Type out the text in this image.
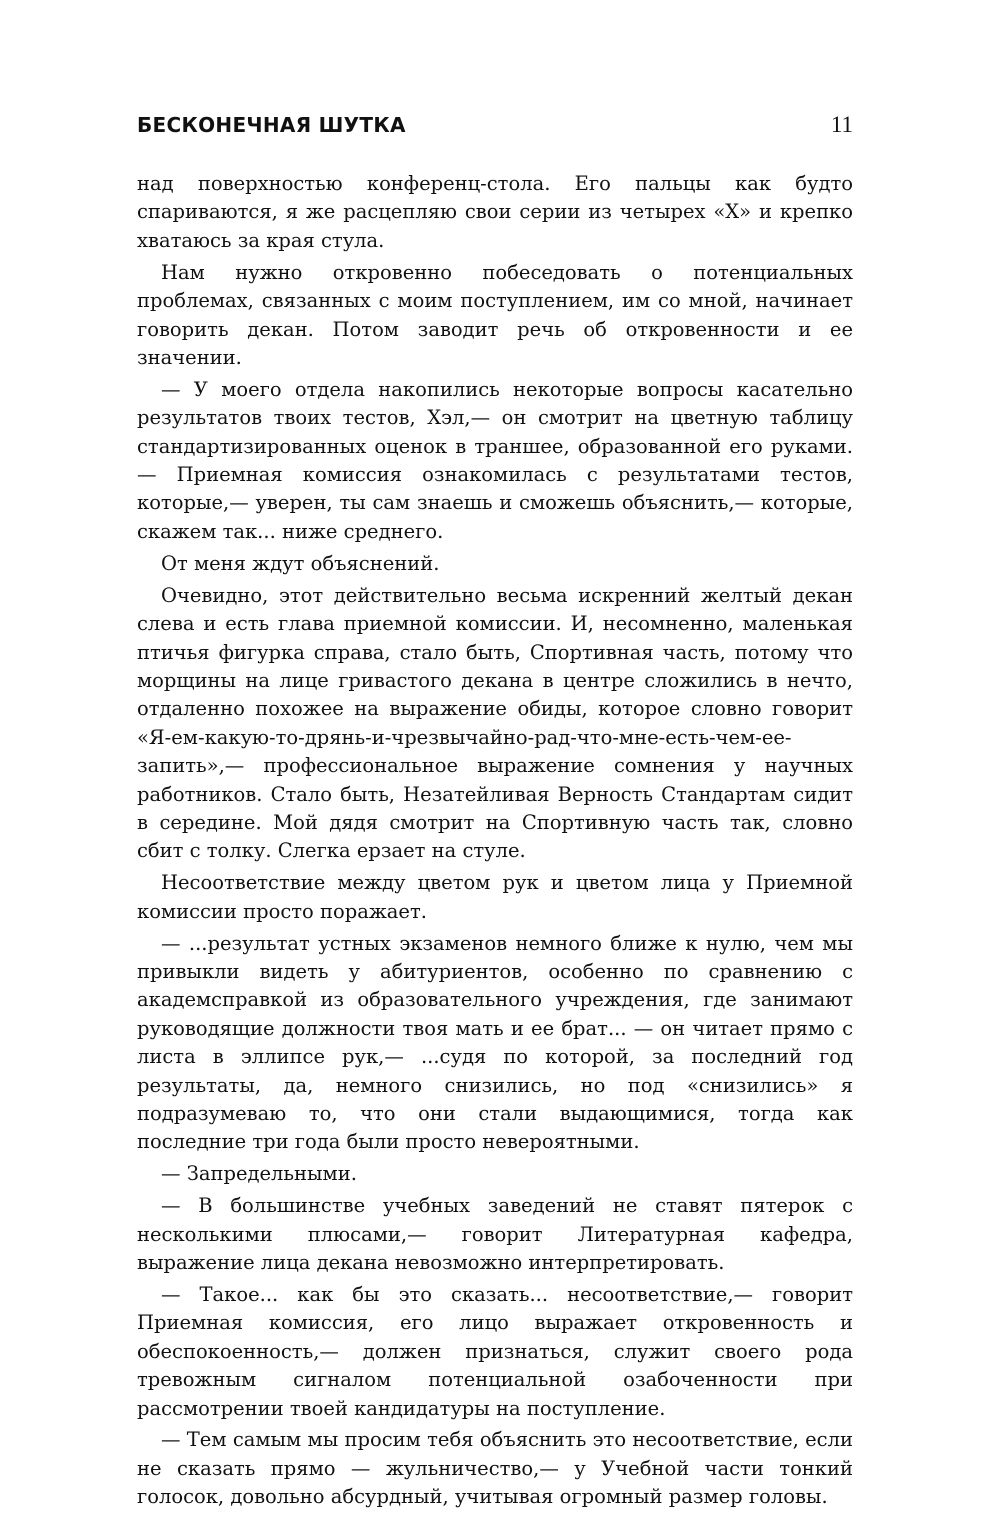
БЕСКОНЕЧНАЯ ШУТКА	11

над поверхностью конференц-стола. Его пальцы как будто спариваются, я же расцепляю свои серии из четырех «Х» и крепко хватаюсь за края стула.

Нам нужно откровенно побеседовать о потенциальных проблемах, связанных с моим поступлением, им со мной, начинает говорить декан. Потом заводит речь об откровенности и ее значении.

— У моего отдела накопились некоторые вопросы касательно результатов твоих тестов, Хэл,— он смотрит на цветную таблицу стандартизированных оценок в траншее, образованной его руками.— Приемная комиссия ознакомилась с результатами тестов, которые,— уверен, ты сам знаешь и сможешь объяснить,— которые, скажем так... ниже среднего.

От меня ждут объяснений.

Очевидно, этот действительно весьма искренний желтый декан слева и есть глава приемной комиссии. И, несомненно, маленькая птичья фигурка справа, стало быть, Спортивная часть, потому что морщины на лице гривастого декана в центре сложились в нечто, отдаленно похожее на выражение обиды, которое словно говорит «Я-ем-какую-то-дрянь-и-чрезвычайно-рад-что-мне-есть-чем-ее-запить»,— профессиональное выражение сомнения у научных работников. Стало быть, Незатейливая Верность Стандартам сидит в середине. Мой дядя смотрит на Спортивную часть так, словно сбит с толку. Слегка ерзает на стуле.

Несоответствие между цветом рук и цветом лица у Приемной комиссии просто поражает.

— ...результат устных экзаменов немного ближе к нулю, чем мы привыкли видеть у абитуриентов, особенно по сравнению с академсправкой из образовательного учреждения, где занимают руководящие должности твоя мать и ее брат... — он читает прямо с листа в эллипсе рук,— ...судя по которой, за последний год результаты, да, немного снизились, но под «снизились» я подразумеваю то, что они стали выдающимися, тогда как последние три года были просто невероятными.

— Запредельными.

— В большинстве учебных заведений не ставят пятерок с несколькими плюсами,— говорит Литературная кафедра, выражение лица декана невозможно интерпретировать.

— Такое... как бы это сказать... несоответствие,— говорит Приемная комиссия, его лицо выражает откровенность и обеспокоенность,— должен признаться, служит своего рода тревожным сигналом потенциальной озабоченности при рассмотрении твоей кандидатуры на поступление.

— Тем самым мы просим тебя объяснить это несоответствие, если не сказать прямо — жульничество,— у Учебной части тонкий голосок, довольно абсурдный, учитывая огромный размер головы.
